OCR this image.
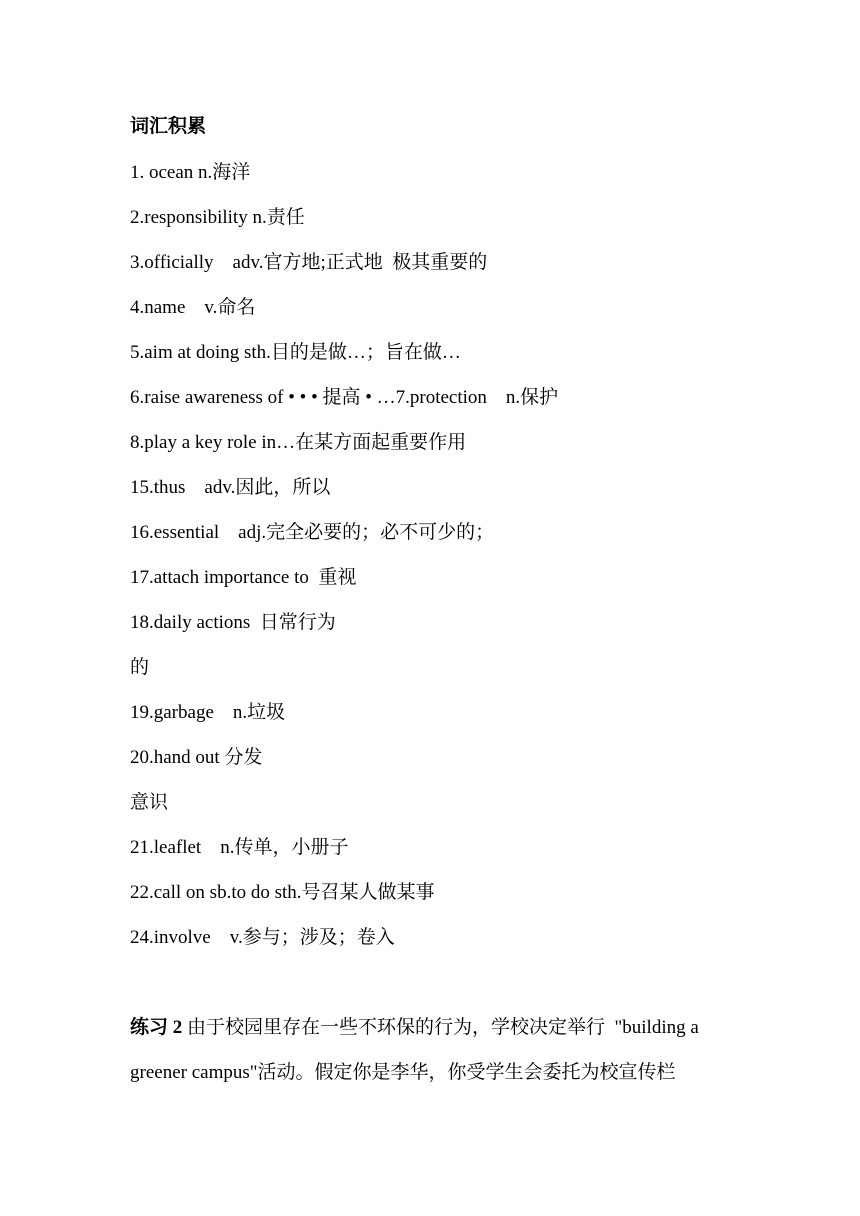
词汇积累
1. ocean n.海洋
2.responsibility n.责任
3.officially    adv.官方地;正式地  极其重要的
4.name    v.命名
5.aim at doing sth.目的是做…；旨在做…
6.raise awareness of • • • 提高 • …7.protection    n.保护
8.play a key role in…在某方面起重要作用
15.thus    adv.因此，所以
16.essential    adj.完全必要的；必不可少的；
17.attach importance to  重视
18.daily actions  日常行为
的
19.garbage    n.垃圾
20.hand out 分发
意识
21.leaflet    n.传单，小册子
22.call on sb.to do sth.号召某人做某事
24.involve    v.参与；涉及；卷入
练习 2 由于校园里存在一些不环保的行为，学校决定举行  "building a
greener campus"活动。假定你是李华，你受学生会委托为校宣传栏
